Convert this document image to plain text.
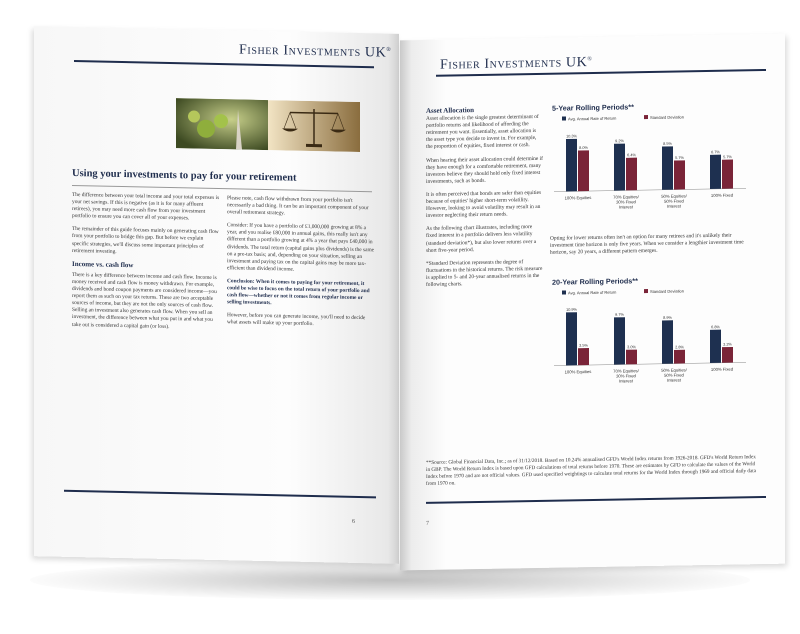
Fisher Investments UK®
Using your investments to pay for your retirement

The difference between your total income and your total expenses is your net savings. If this is negative (as it is for many affluent retirees), you may need more cash flow from your investment portfolio to ensure you can cover all of your expenses.

The remainder of this guide focuses mainly on generating cash flow from your portfolio to bridge this gap. But before we explain specific strategies, we'll discuss some important principles of retirement investing.

Income vs. cash flow

There is a key difference between income and cash flow. Income is money received and cash flow is money withdrawn. For example, dividends and bond coupon payments are considered income—you report them as such on your tax returns. These are two acceptable sources of income, but they are not the only sources of cash flow. Selling an investment also generates cash flow. When you sell an investment, the difference between what you put in and what you take out is considered a capital gain (or loss).

Please note, cash flow withdrawn from your portfolio isn't necessarily a bad thing. It can be an important component of your overall retirement strategy.

Consider: If you have a portfolio of £1,000,000 growing at 8% a year, and you realise £80,000 in annual gains, this really isn't any different than a portfolio growing at 4% a year that pays £40,000 in dividends. The total return (capital gains plus dividends) is the same on a pre-tax basis; and, depending on your situation, selling an investment and paying tax on the capital gains may be more tax-efficient than dividend income.

Conclusion: When it comes to paying for your retirement, it could be wise to focus on the total return of your portfolio and cash flow—whether or not it comes from regular income or selling investments.

However, before you can generate income, you'll need to decide what assets will make up your portfolio.

6
Fisher Investments UK®
Asset Allocation

Asset allocation is the single greatest determinant of portfolio returns and likelihood of affording the retirement you want. Essentially, asset allocation is the asset type you decide to invest in. For example, the proportion of equities, fixed interest or cash.

When hearing their asset allocation could determine if they have enough for a comfortable retirement, many investors believe they should hold only fixed interest investments, such as bonds.

It is often perceived that bonds are safer than equities because of equities' higher short-term volatility. However, looking to avoid volatility may result in an investor neglecting their return needs.

As the following chart illustrates, including more fixed interest in a portfolio delivers less volatility (standard deviation*), but also lower returns over a short five-year period.

*Standard Deviation represents the degree of fluctuations in the historical returns. The risk measure is applied to 5- and 20-year annualised returns in the following charts.

5-Year Rolling Periods**
Avg. Annual Rate of Return	Standard Deviation
10.3%
8.0%
100% Equities
9.2%
6.4%
70% Equities/30% FixedInterest
8.5%
5.7%
50% Equities/50% FixedInterest
6.7%
5.7%
100% Fixed

Opting for lower returns often isn't an option for many retirees and it's unlikely their investment time horizon is only five years. When we consider a lengthier investment time horizon, say 20 years, a different pattern emerges.

20-Year Rolling Periods**
Avg. Annual Rate of Return	Standard Deviation
10.9%
3.5%
100% Equities
9.7%
3.0%
70% Equities/30% FixedInterest
8.9%
2.8%
50% Equities/50% FixedInterest
6.8%
3.2%
100% Fixed
**Source: Global Financial Data, Inc.; as of 31/12/2018. Based on 10.24% annualised GFD's World Index returns from 1926-2018. GFD's World Return Index in GBP. The World Return Index is based upon GFD calculations of total returns before 1970. These are estimates by GFD to calculate the values of the World Index before 1970 and are not official values. GFD used specified weightings to calculate total returns for the World Index through 1969 and official daily data from 1970 on.
7
